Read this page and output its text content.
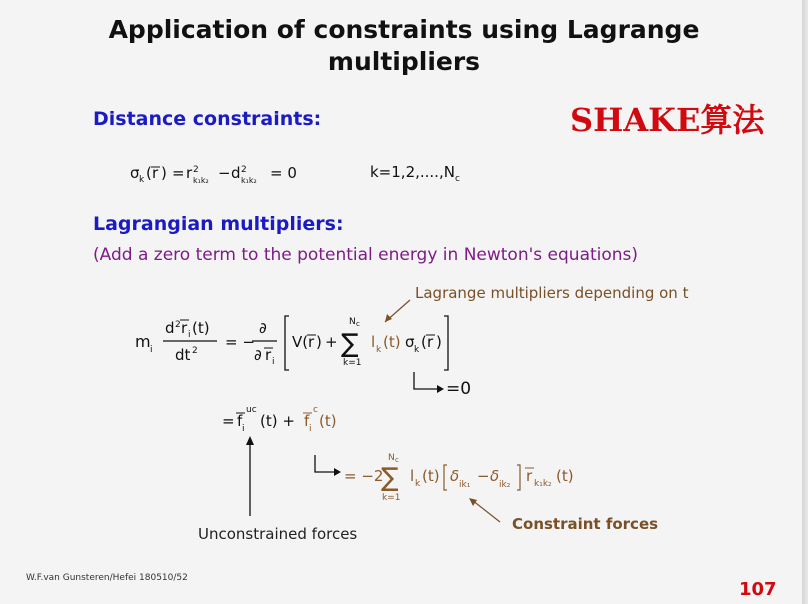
Application of constraints using Lagrange
multipliers
SHAKE算法
Distance constraints:
σ k ( r ) = r 2
k₁k₂ − d 2
k₁k₂ = 0	$k=1,2,....,N_c$
Lagrangian multipliers:
(Add a zero term to the potential energy in Newton's equations)
Lagrange multipliers depending on t
m i
d 2 r i (t)
dt 2 = −
∂
∂ r i
V( r ) +
N c
∑
k=1
l k (t) σ k ( r )
=0
= f
uc
i (t) + f
c
i (t)
= −2
N c
∑
k=1
l k (t) δ ik₁ − δ ik₂ r k₁k₂ (t)
Constraint forces
Unconstrained forces
W.F.van Gunsteren/Hefei 180510/52
107
